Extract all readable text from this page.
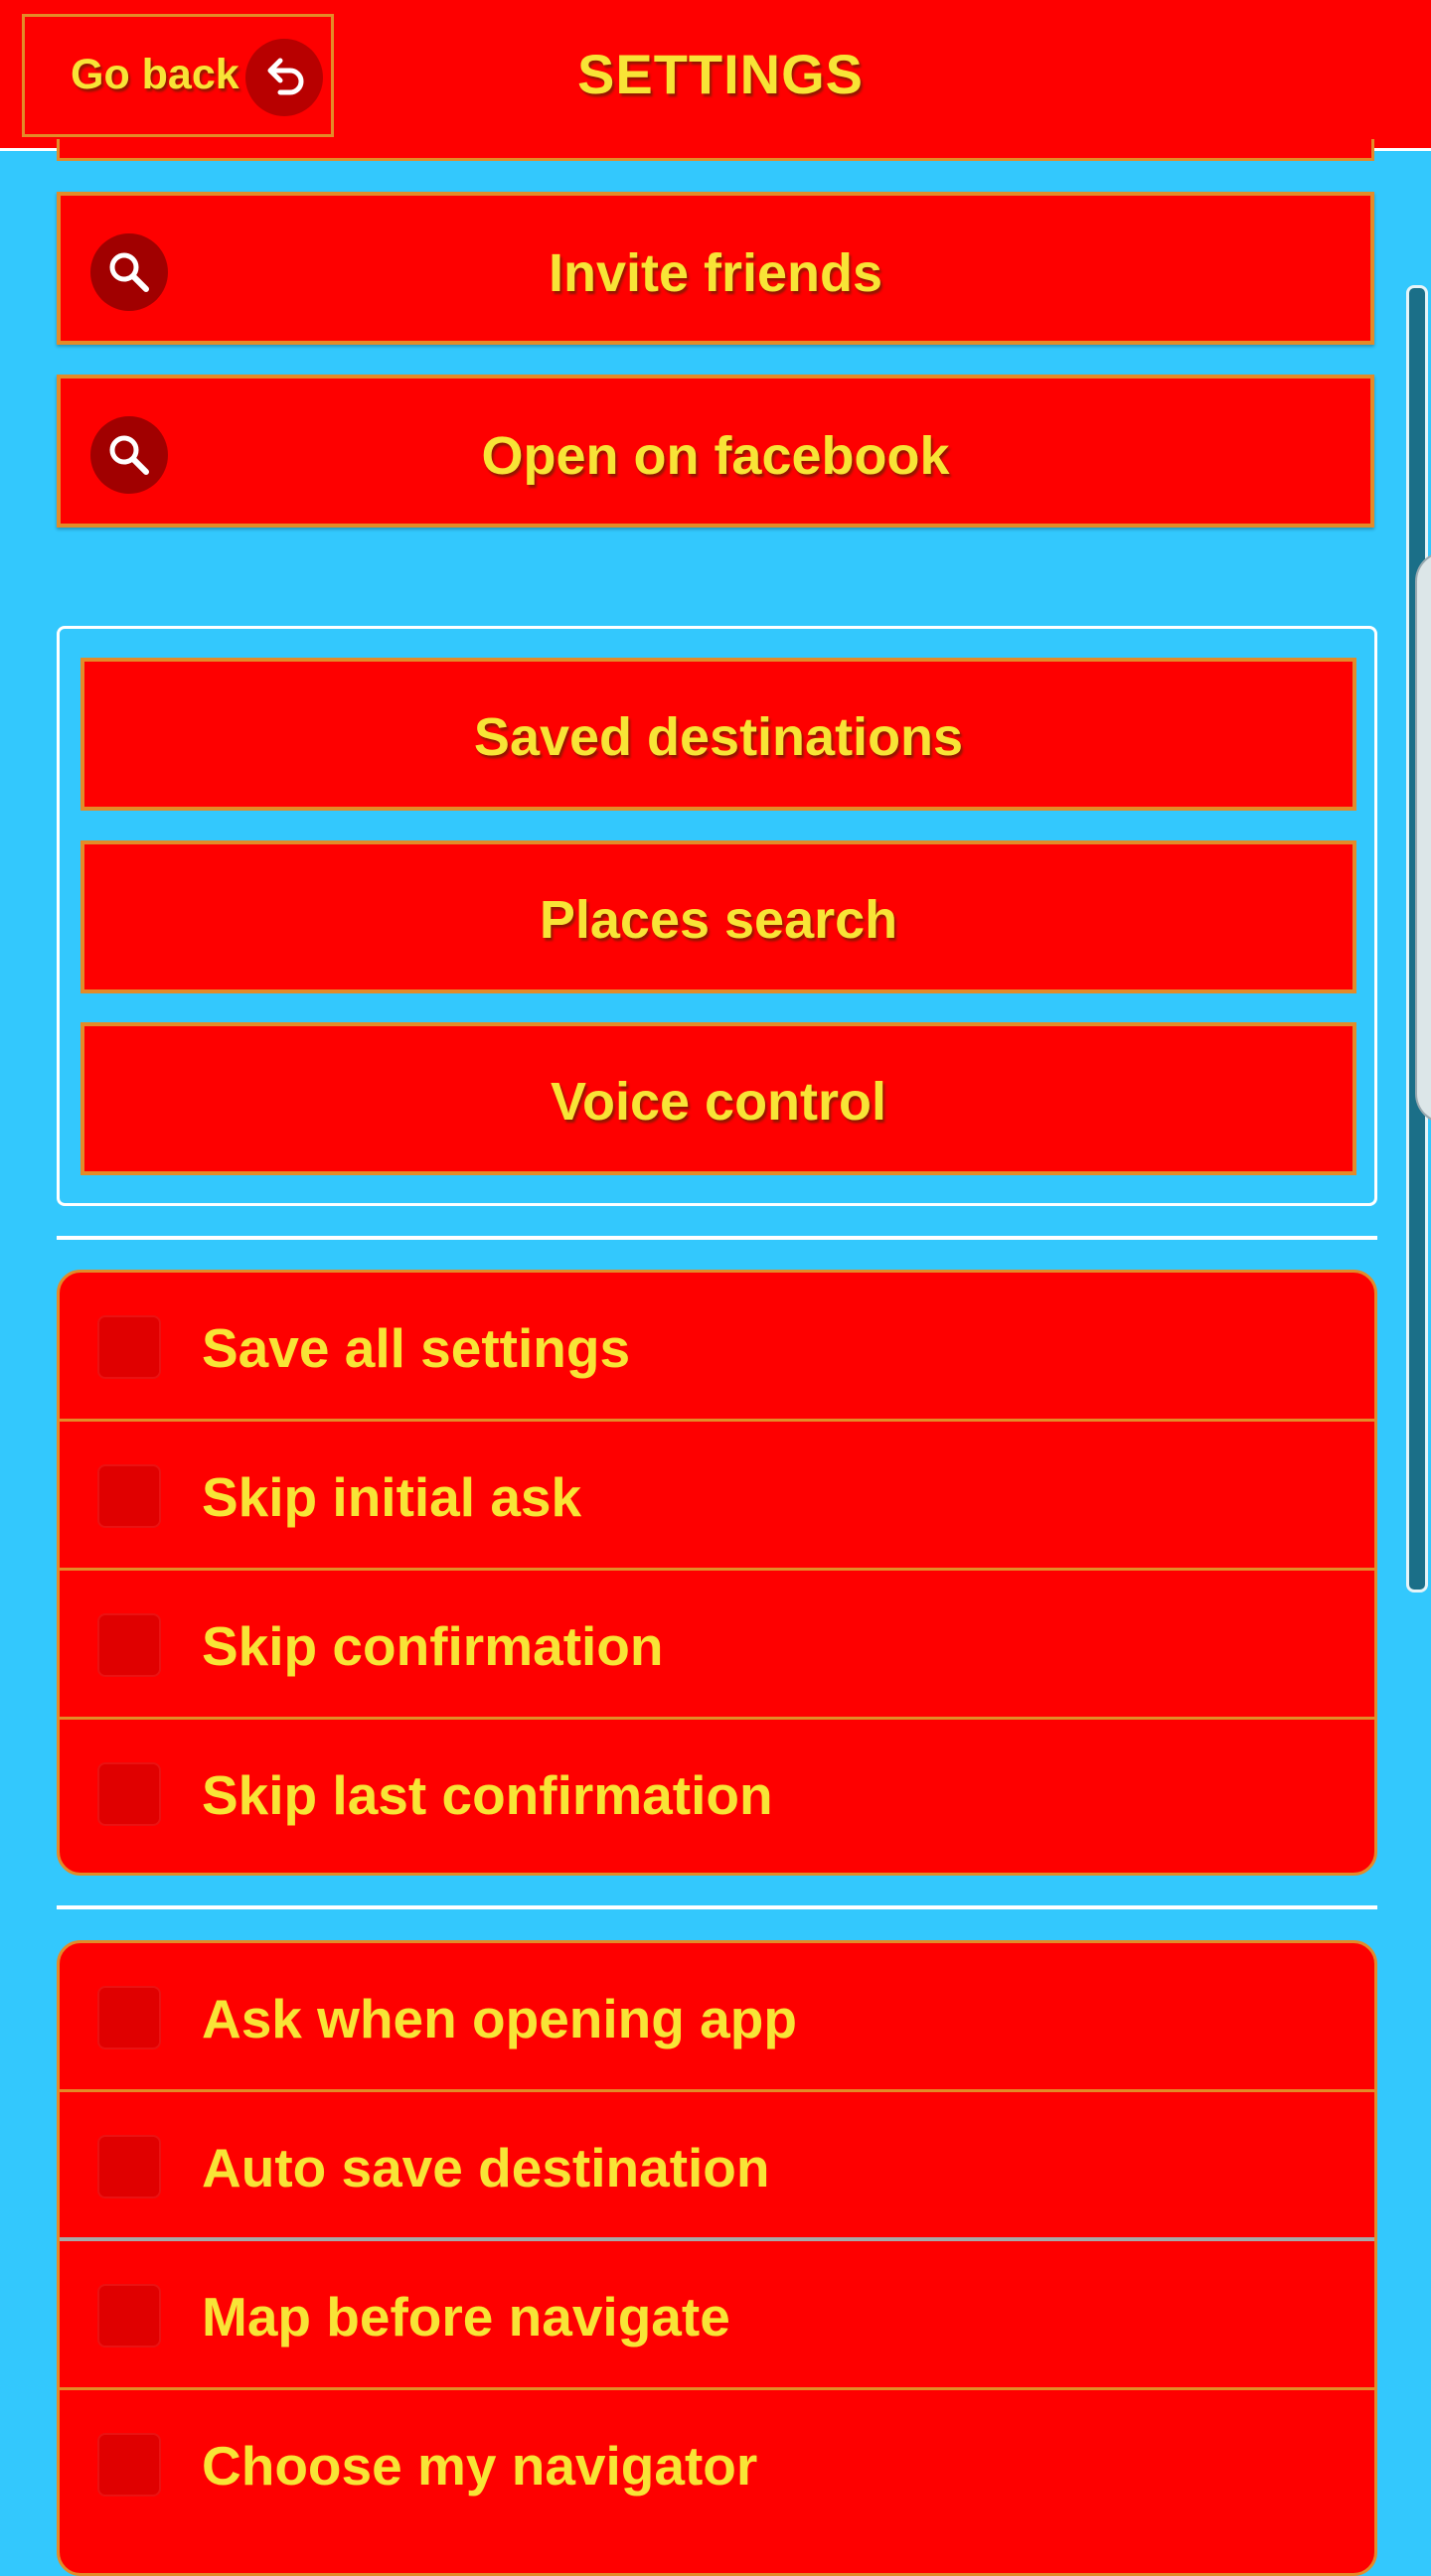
Go back	SETTINGS
Invite friends
Open on facebook
Saved destinations
Places search
Voice control
Save all settings
Skip initial ask
Skip confirmation
Skip last confirmation
Ask when opening app
Auto save destination
Map before navigate
Choose my navigator
